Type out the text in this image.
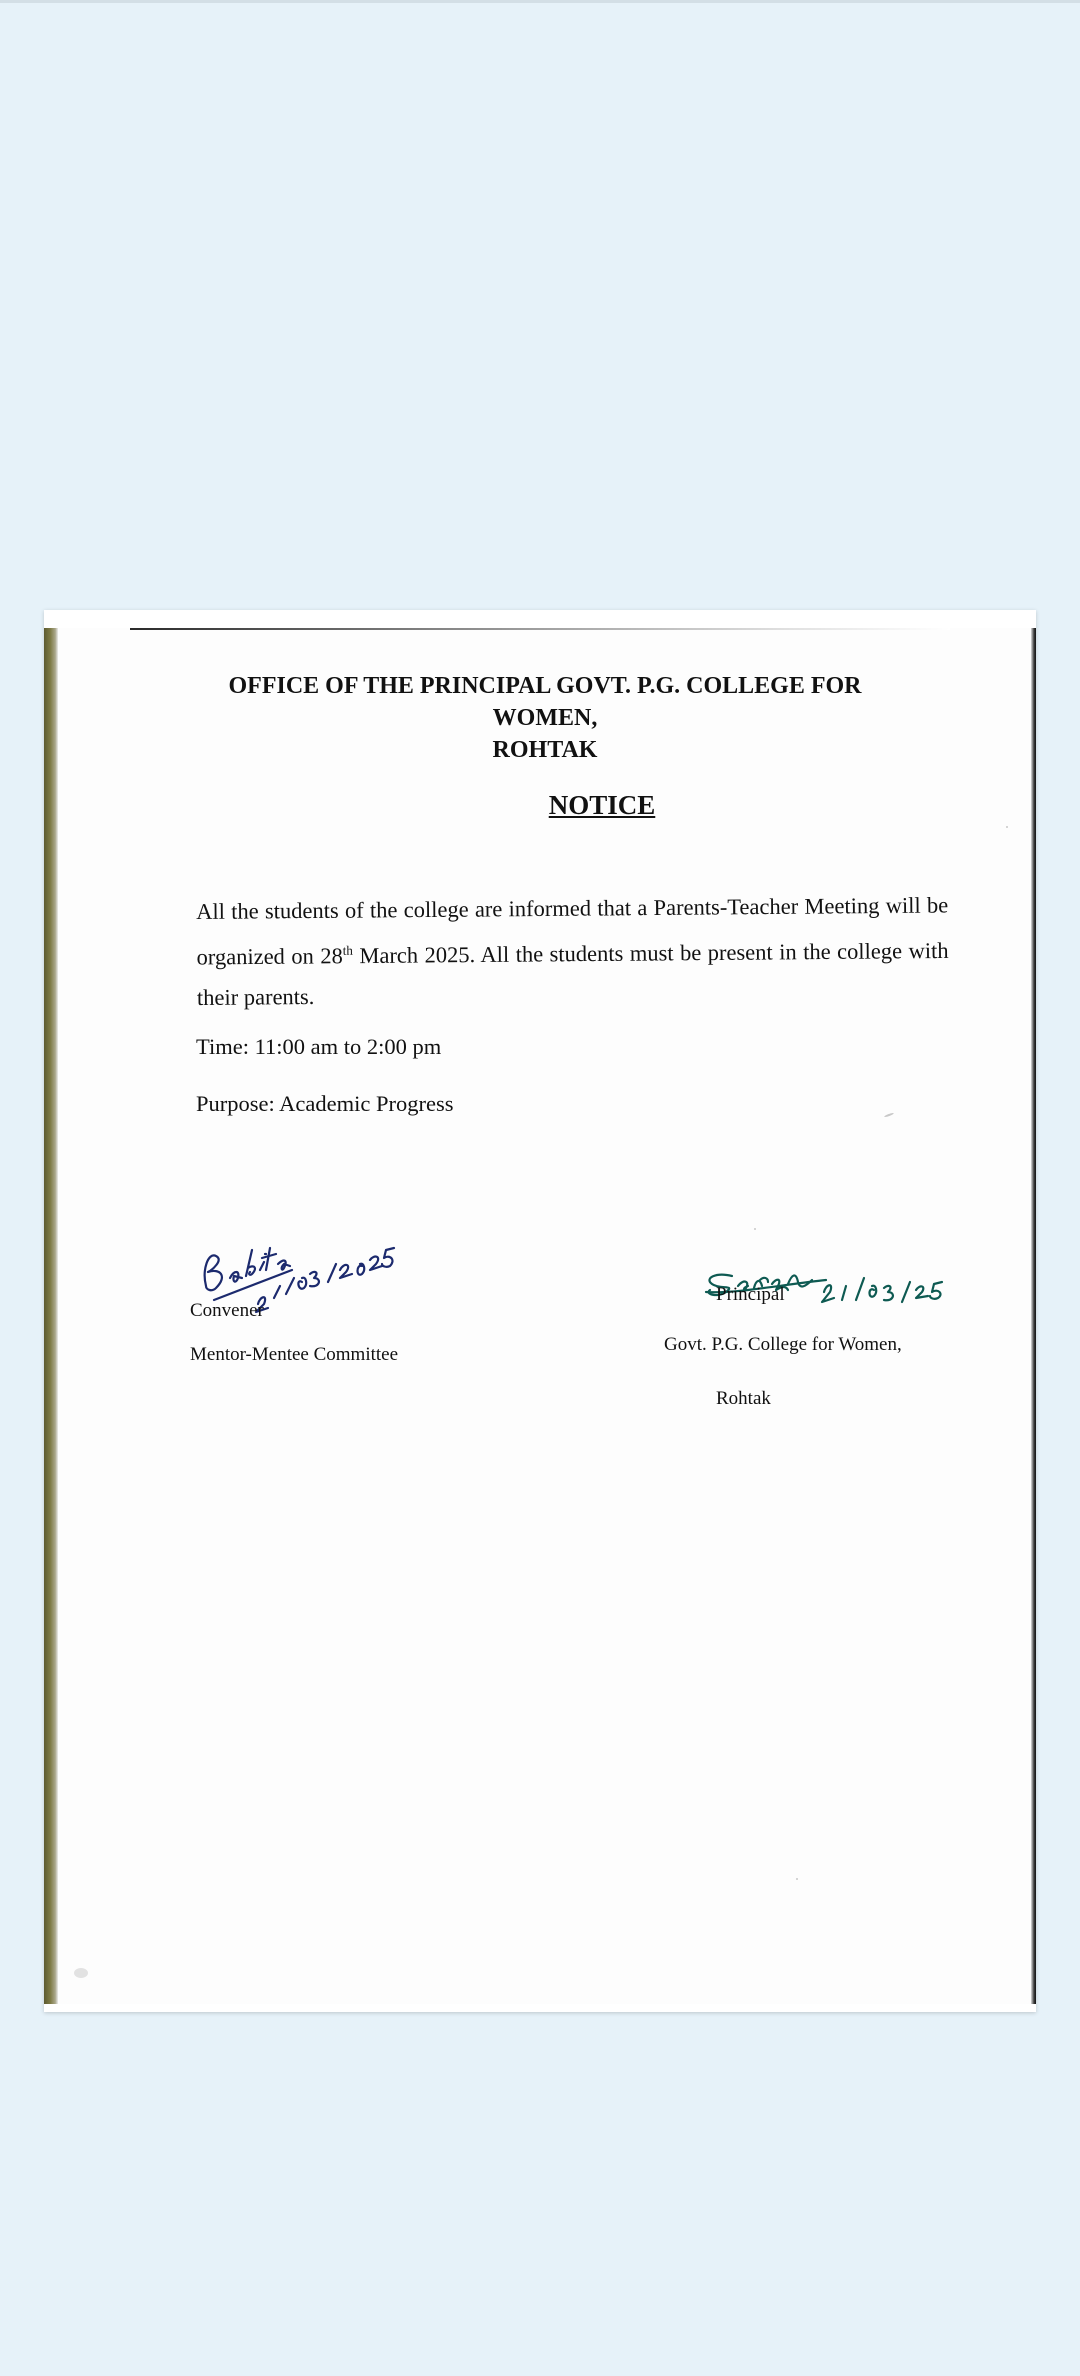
OFFICE OF THE PRINCIPAL GOVT. P.G. COLLEGE FOR WOMEN,
ROHTAK
NOTICE
All the students of the college are informed that a Parents-Teacher Meeting will be organized on 28th March 2025. All the students must be present in the college with their parents.
Time: 11:00 am to 2:00 pm
Purpose: Academic Progress
Convener
Mentor-Mentee Committee
Principal
Govt. P.G. College for Women,
Rohtak
